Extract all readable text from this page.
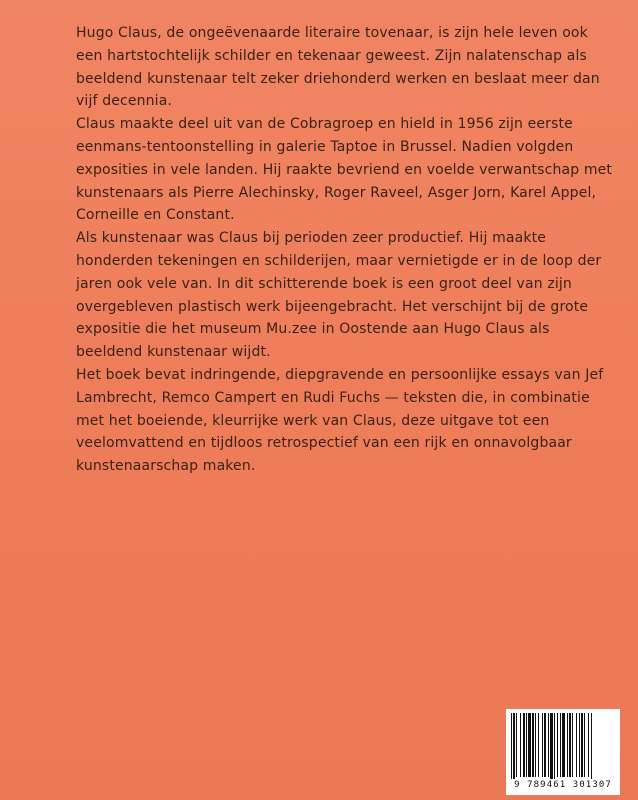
Hugo Claus, de ongeëvenaarde literaire tovenaar, is zijn hele leven ook een hartstochtelijk schilder en tekenaar geweest. Zijn nalatenschap als beeldend kunstenaar telt zeker driehonderd werken en beslaat meer dan vijf decennia.

Claus maakte deel uit van de Cobragroep en hield in 1956 zijn eerste eenmans-tentoonstelling in galerie Taptoe in Brussel. Nadien volgden exposities in vele landen. Hij raakte bevriend en voelde verwantschap met kunstenaars als Pierre Alechinsky, Roger Raveel, Asger Jorn, Karel Appel, Corneille en Constant.

Als kunstenaar was Claus bij perioden zeer productief. Hij maakte honderden tekeningen en schilderijen, maar vernietigde er in de loop der jaren ook vele van. In dit schitterende boek is een groot deel van zijn overgebleven plastisch werk bijeengebracht. Het verschijnt bij de grote expositie die het museum Mu.zee in Oostende aan Hugo Claus als beeldend kunstenaar wijdt.

Het boek bevat indringende, diepgravende en persoonlijke essays van Jef Lambrecht, Remco Campert en Rudi Fuchs — teksten die, in combinatie met het boeiende, kleurrijke werk van Claus, deze uitgave tot een veelomvattend en tijdloos retrospectief van een rijk en onnavolgbaar kunstenaarschap maken.

9 789461 301307
